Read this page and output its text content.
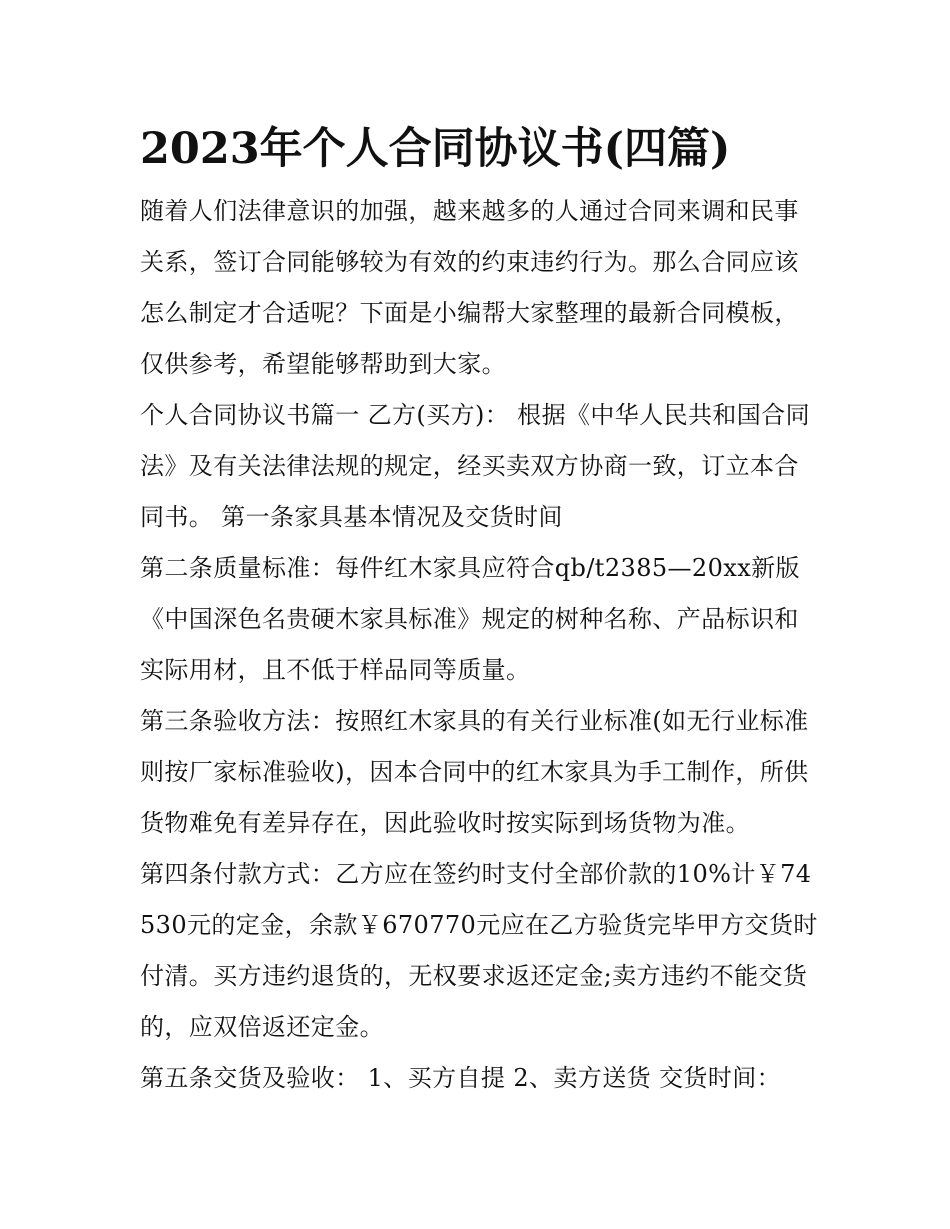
2023年个人合同协议书(四篇)

随着人们法律意识的加强，越来越多的人通过合同来调和民事关系，签订合同能够较为有效的约束违约行为。那么合同应该怎么制定才合适呢？下面是小编帮大家整理的最新合同模板，仅供参考，希望能够帮助到大家。

个人合同协议书篇一 乙方(买方)： 根据《中华人民共和国合同法》及有关法律法规的规定，经买卖双方协商一致，订立本合同书。 第一条家具基本情况及交货时间

第二条质量标准：每件红木家具应符合qb/t2385—20xx新版《中国深色名贵硬木家具标准》规定的树种名称、产品标识和实际用材，且不低于样品同等质量。

第三条验收方法：按照红木家具的有关行业标准(如无行业标准则按厂家标准验收)，因本合同中的红木家具为手工制作，所供货物难免有差异存在，因此验收时按实际到场货物为准。

第四条付款方式：乙方应在签约时支付全部价款的10%计￥74530元的定金，余款￥670770元应在乙方验货完毕甲方交货时付清。买方违约退货的，无权要求返还定金;卖方违约不能交货的，应双倍返还定金。

第五条交货及验收： 1、买方自提 2、卖方送货 交货时间：
